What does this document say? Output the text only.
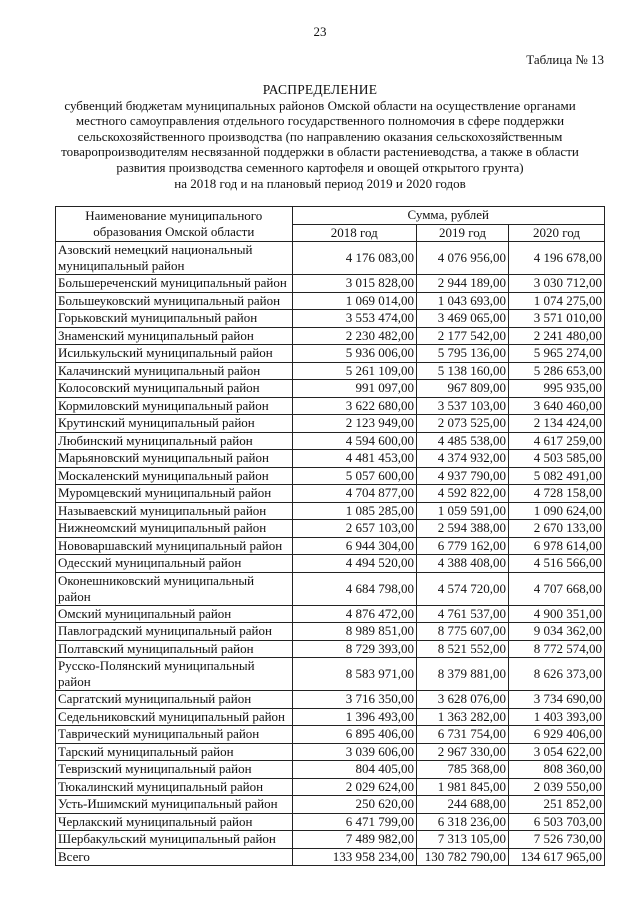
23
Таблица № 13
РАСПРЕДЕЛЕНИЕ
субвенций бюджетам муниципальных районов Омской области на осуществление органами
местного самоуправления отдельного государственного полномочия в сфере поддержки
сельскохозяйственного производства (по направлению оказания сельскохозяйственным
товаропроизводителям несвязанной поддержки в области растениеводства, а также в области
развития производства семенного картофеля и овощей открытого грунта)
на 2018 год и на плановый период 2019 и 2020 годов
Наименование муниципального образования Омской области	Сумма, рублей		
	2018 год	2019 год	2020 год
Азовский немецкий национальный муниципальный район	4 176 083,00	4 076 956,00	4 196 678,00
Большереченский муниципальный район	3 015 828,00	2 944 189,00	3 030 712,00
Большеуковский муниципальный район	1 069 014,00	1 043 693,00	1 074 275,00
Горьковский муниципальный район	3 553 474,00	3 469 065,00	3 571 010,00
Знаменский муниципальный район	2 230 482,00	2 177 542,00	2 241 480,00
Исилькульский муниципальный район	5 936 006,00	5 795 136,00	5 965 274,00
Калачинский муниципальный район	5 261 109,00	5 138 160,00	5 286 653,00
Колосовский муниципальный район	991 097,00	967 809,00	995 935,00
Кормиловский муниципальный район	3 622 680,00	3 537 103,00	3 640 460,00
Крутинский муниципальный район	2 123 949,00	2 073 525,00	2 134 424,00
Любинский муниципальный район	4 594 600,00	4 485 538,00	4 617 259,00
Марьяновский муниципальный район	4 481 453,00	4 374 932,00	4 503 585,00
Москаленский муниципальный район	5 057 600,00	4 937 790,00	5 082 491,00
Муромцевский муниципальный район	4 704 877,00	4 592 822,00	4 728 158,00
Называевский муниципальный район	1 085 285,00	1 059 591,00	1 090 624,00
Нижнеомский муниципальный район	2 657 103,00	2 594 388,00	2 670 133,00
Нововаршавский муниципальный район	6 944 304,00	6 779 162,00	6 978 614,00
Одесский муниципальный район	4 494 520,00	4 388 408,00	4 516 566,00
Оконешниковский муниципальный район	4 684 798,00	4 574 720,00	4 707 668,00
Омский муниципальный район	4 876 472,00	4 761 537,00	4 900 351,00
Павлоградский муниципальный район	8 989 851,00	8 775 607,00	9 034 362,00
Полтавский муниципальный район	8 729 393,00	8 521 552,00	8 772 574,00
Русско-Полянский муниципальный район	8 583 971,00	8 379 881,00	8 626 373,00
Саргатский муниципальный район	3 716 350,00	3 628 076,00	3 734 690,00
Седельниковский муниципальный район	1 396 493,00	1 363 282,00	1 403 393,00
Таврический муниципальный район	6 895 406,00	6 731 754,00	6 929 406,00
Тарский муниципальный район	3 039 606,00	2 967 330,00	3 054 622,00
Тевризский муниципальный район	804 405,00	785 368,00	808 360,00
Тюкалинский муниципальный район	2 029 624,00	1 981 845,00	2 039 550,00
Усть-Ишимский муниципальный район	250 620,00	244 688,00	251 852,00
Черлакский муниципальный район	6 471 799,00	6 318 236,00	6 503 703,00
Шербакульский муниципальный район	7 489 982,00	7 313 105,00	7 526 730,00
Всего	133 958 234,00	130 782 790,00	134 617 965,00
